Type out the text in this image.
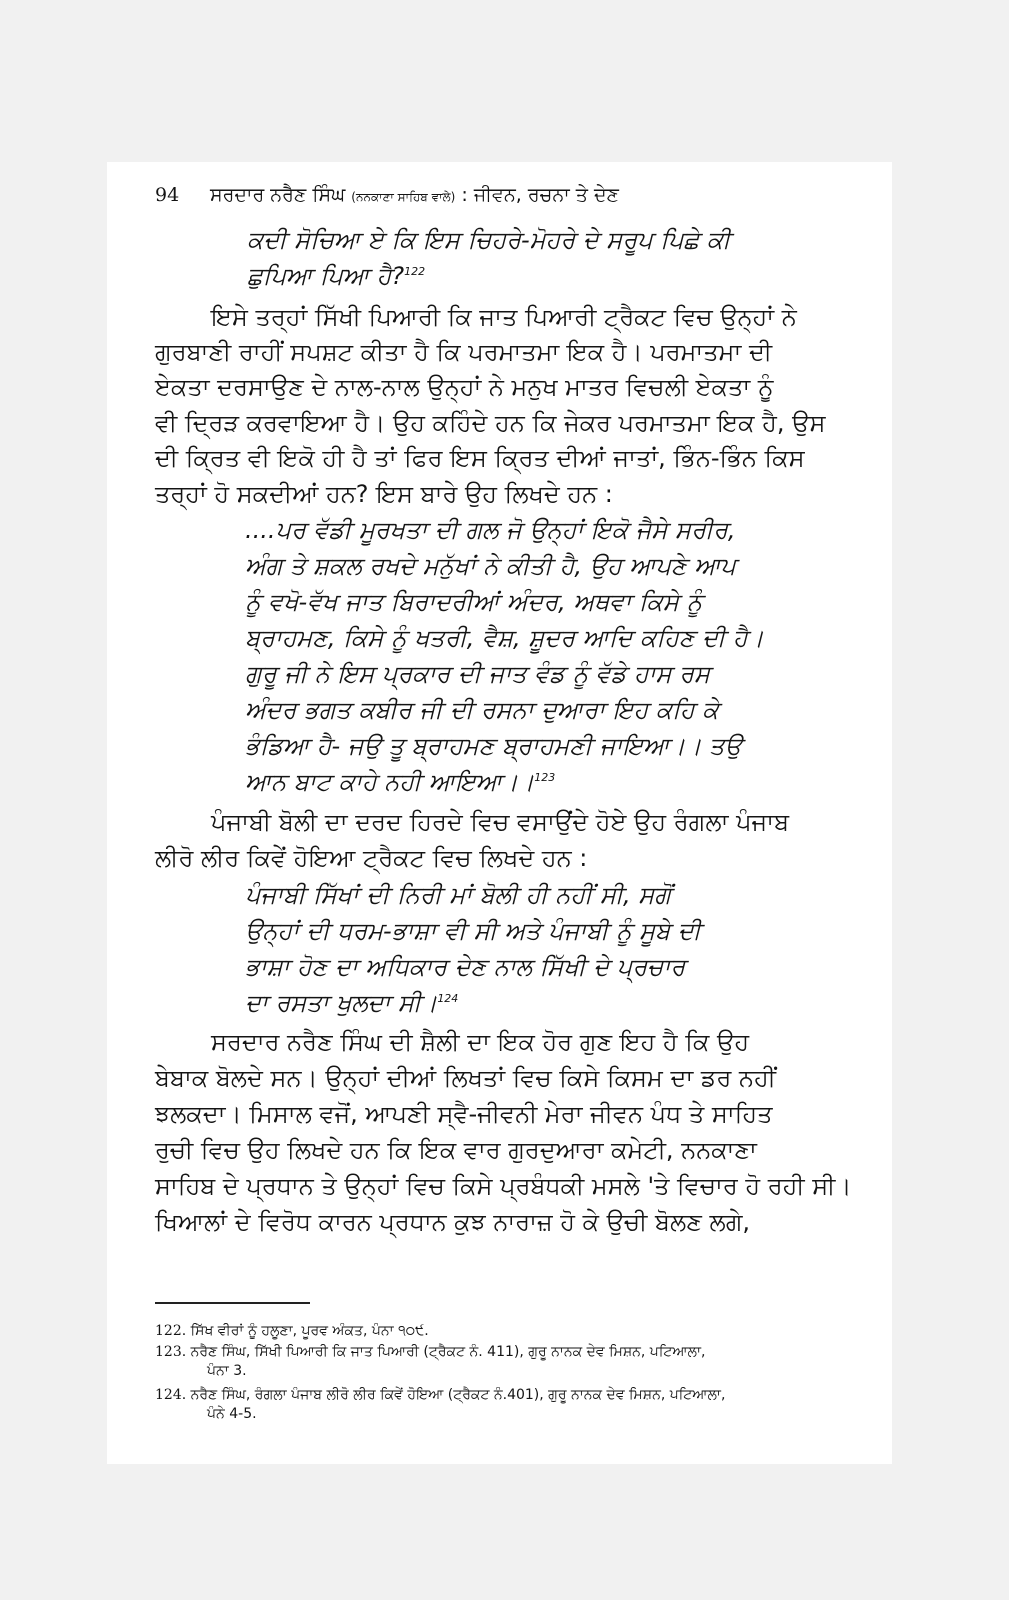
94 ਸਰਦਾਰ ਨਰੈਣ ਸਿੰਘ (ਨਨਕਾਣਾ ਸਾਹਿਬ ਵਾਲੇ) : ਜੀਵਨ, ਰਚਨਾ ਤੇ ਦੇਣ
ਕਦੀ ਸੋਚਿਆ ਏ ਕਿ ਇਸ ਚਿਹਰੇ-ਮੋਹਰੇ ਦੇ ਸਰੂਪ ਪਿਛੇ ਕੀ
ਛੁਪਿਆ ਪਿਆ ਹੈ?$^{122}$
ਇਸੇ ਤਰ੍ਹਾਂ ਸਿੱਖੀ ਪਿਆਰੀ ਕਿ ਜਾਤ ਪਿਆਰੀ ਟ੍ਰੈਕਟ ਵਿਚ ਉਨ੍ਹਾਂ ਨੇ
ਗੁਰਬਾਣੀ ਰਾਹੀਂ ਸਪਸ਼ਟ ਕੀਤਾ ਹੈ ਕਿ ਪਰਮਾਤਮਾ ਇਕ ਹੈ। ਪਰਮਾਤਮਾ ਦੀ
ਏਕਤਾ ਦਰਸਾਉਣ ਦੇ ਨਾਲ-ਨਾਲ ਉਨ੍ਹਾਂ ਨੇ ਮਨੁਖ ਮਾਤਰ ਵਿਚਲੀ ਏਕਤਾ ਨੂੰ
ਵੀ ਦ੍ਰਿੜ ਕਰਵਾਇਆ ਹੈ। ਉਹ ਕਹਿੰਦੇ ਹਨ ਕਿ ਜੇਕਰ ਪਰਮਾਤਮਾ ਇਕ ਹੈ, ਉਸ
ਦੀ ਕ੍ਰਿਤ ਵੀ ਇਕੋ ਹੀ ਹੈ ਤਾਂ ਫਿਰ ਇਸ ਕ੍ਰਿਤ ਦੀਆਂ ਜਾਤਾਂ, ਭਿੰਨ-ਭਿੰਨ ਕਿਸ
ਤਰ੍ਹਾਂ ਹੋ ਸਕਦੀਆਂ ਹਨ? ਇਸ ਬਾਰੇ ਉਹ ਲਿਖਦੇ ਹਨ :
....ਪਰ ਵੱਡੀ ਮੂਰਖਤਾ ਦੀ ਗਲ ਜੋ ਉਨ੍ਹਾਂ ਇਕੋ ਜੈਸੇ ਸਰੀਰ,
ਅੰਗ ਤੇ ਸ਼ਕਲ ਰਖਦੇ ਮਨੁੱਖਾਂ ਨੇ ਕੀਤੀ ਹੈ, ਉਹ ਆਪਣੇ ਆਪ
ਨੂੰ ਵਖੋ-ਵੱਖ ਜਾਤ ਬਿਰਾਦਰੀਆਂ ਅੰਦਰ, ਅਥਵਾ ਕਿਸੇ ਨੂੰ
ਬ੍ਰਾਹਮਣ, ਕਿਸੇ ਨੂੰ ਖਤਰੀ, ਵੈਸ਼, ਸ਼ੂਦਰ ਆਦਿ ਕਹਿਣ ਦੀ ਹੈ।
ਗੁਰੂ ਜੀ ਨੇ ਇਸ ਪ੍ਰਕਾਰ ਦੀ ਜਾਤ ਵੰਡ ਨੂੰ ਵੱਡੇ ਹਾਸ ਰਸ
ਅੰਦਰ ਭਗਤ ਕਬੀਰ ਜੀ ਦੀ ਰਸਨਾ ਦੁਆਰਾ ਇਹ ਕਹਿ ਕੇ
ਭੰਡਿਆ ਹੈ- ਜਉ ਤੂ ਬ੍ਰਾਹਮਣ ਬ੍ਰਾਹਮਣੀ ਜਾਇਆ।। ਤਉ
ਆਨ ਬਾਟ ਕਾਹੇ ਨਹੀ ਆਇਆ।।$^{123}$
ਪੰਜਾਬੀ ਬੋਲੀ ਦਾ ਦਰਦ ਹਿਰਦੇ ਵਿਚ ਵਸਾਉਂਦੇ ਹੋਏ ਉਹ ਰੰਗਲਾ ਪੰਜਾਬ
ਲੀਰੋ ਲੀਰ ਕਿਵੇਂ ਹੋਇਆ ਟ੍ਰੈਕਟ ਵਿਚ ਲਿਖਦੇ ਹਨ :
ਪੰਜਾਬੀ ਸਿੱਖਾਂ ਦੀ ਨਿਰੀ ਮਾਂ ਬੋਲੀ ਹੀ ਨਹੀਂ ਸੀ, ਸਗੋਂ
ਉਨ੍ਹਾਂ ਦੀ ਧਰਮ-ਭਾਸ਼ਾ ਵੀ ਸੀ ਅਤੇ ਪੰਜਾਬੀ ਨੂੰ ਸੂਬੇ ਦੀ
ਭਾਸ਼ਾ ਹੋਣ ਦਾ ਅਧਿਕਾਰ ਦੇਣ ਨਾਲ ਸਿੱਖੀ ਦੇ ਪ੍ਰਚਾਰ
ਦਾ ਰਸਤਾ ਖੁਲਦਾ ਸੀ।$^{124}$
ਸਰਦਾਰ ਨਰੈਣ ਸਿੰਘ ਦੀ ਸ਼ੈਲੀ ਦਾ ਇਕ ਹੋਰ ਗੁਣ ਇਹ ਹੈ ਕਿ ਉਹ
ਬੇਬਾਕ ਬੋਲਦੇ ਸਨ। ਉਨ੍ਹਾਂ ਦੀਆਂ ਲਿਖਤਾਂ ਵਿਚ ਕਿਸੇ ਕਿਸਮ ਦਾ ਡਰ ਨਹੀਂ
ਝਲਕਦਾ। ਮਿਸਾਲ ਵਜੋਂ, ਆਪਣੀ ਸ੍ਵੈ-ਜੀਵਨੀ ਮੇਰਾ ਜੀਵਨ ਪੰਧ ਤੇ ਸਾਹਿਤ
ਰੁਚੀ ਵਿਚ ਉਹ ਲਿਖਦੇ ਹਨ ਕਿ ਇਕ ਵਾਰ ਗੁਰਦੁਆਰਾ ਕਮੇਟੀ, ਨਨਕਾਣਾ
ਸਾਹਿਬ ਦੇ ਪ੍ਰਧਾਨ ਤੇ ਉਨ੍ਹਾਂ ਵਿਚ ਕਿਸੇ ਪ੍ਰਬੰਧਕੀ ਮਸਲੇ 'ਤੇ ਵਿਚਾਰ ਹੋ ਰਹੀ ਸੀ।
ਖਿਆਲਾਂ ਦੇ ਵਿਰੋਧ ਕਾਰਨ ਪ੍ਰਧਾਨ ਕੁਝ ਨਾਰਾਜ਼ ਹੋ ਕੇ ਉਚੀ ਬੋਲਣ ਲਗੇ,
122. ਸਿੱਖ ਵੀਰਾਂ ਨੂੰ ਹਲੂਣਾ, ਪੂਰਵ ਅੰਕਤ, ਪੰਨਾ ੧੦੯.
123. ਨਰੈਣ ਸਿੰਘ, ਸਿੱਖੀ ਪਿਆਰੀ ਕਿ ਜਾਤ ਪਿਆਰੀ (ਟ੍ਰੈਕਟ ਨੰ. 411), ਗੁਰੂ ਨਾਨਕ ਦੇਵ ਮਿਸ਼ਨ, ਪਟਿਆਲਾ,
ਪੰਨਾ 3.
124. ਨਰੈਣ ਸਿੰਘ, ਰੰਗਲਾ ਪੰਜਾਬ ਲੀਰੋ ਲੀਰ ਕਿਵੇਂ ਹੋਇਆ (ਟ੍ਰੈਕਟ ਨੰ.401), ਗੁਰੂ ਨਾਨਕ ਦੇਵ ਮਿਸ਼ਨ, ਪਟਿਆਲਾ,
ਪੰਨੇ 4-5.
